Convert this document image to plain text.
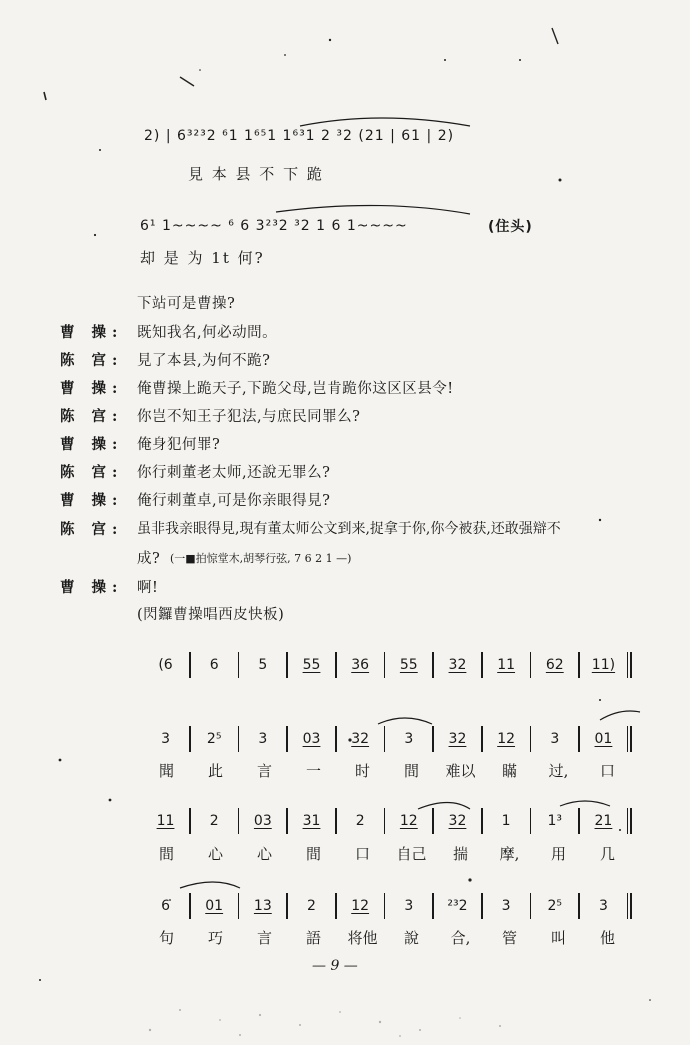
2) | 6³²³2 ⁶1 1⁶⁵1 1⁶³1 2 ³2 (21 | 61 | 2)
見 本 县 不 下 跪
6¹ 1~~~~ ⁶ 6 3²³2 ³2 1 6 1~~~~	(住头)
却 是 为 1t 何?
下站可是曹操?
曹 操: 既知我名,何必动問。
陈 宫: 見了本县,为何不跪?
曹 操: 俺曹操上跪天子,下跪父母,岂肯跪你这区区县令!
陈 宫: 你岂不知王子犯法,与庶民同罪么?
曹 操: 俺身犯何罪?
陈 宫: 你行刺董老太师,还說无罪么?
曹 操: 俺行刺董卓,可是你亲眼得見?
陈 宫: 虽非我亲眼得見,現有董太师公文到来,捉拿于你,你今被获,还敢强辯不
成? (一■拍惊堂木,胡琴行弦, 7 6 2 1 —)
曹 操: 啊!
(閃鑼曹操唱西皮快板)
(6	6	5	55	36	55	32	11	62	11)
3	2⁵	3	03	32	3	32	12	3	01
聞	此	言	一	时	間	难以	瞞	过,	口
11	2	03	31	2	12	32	1	1³	21
間	心	心	間	口	自己	揣	摩,	用	几
6	01	13	2	12	3	²³2	3	2⁵	3
句	巧	言	語	将他	說	合,	管	叫	他
— 9 —
